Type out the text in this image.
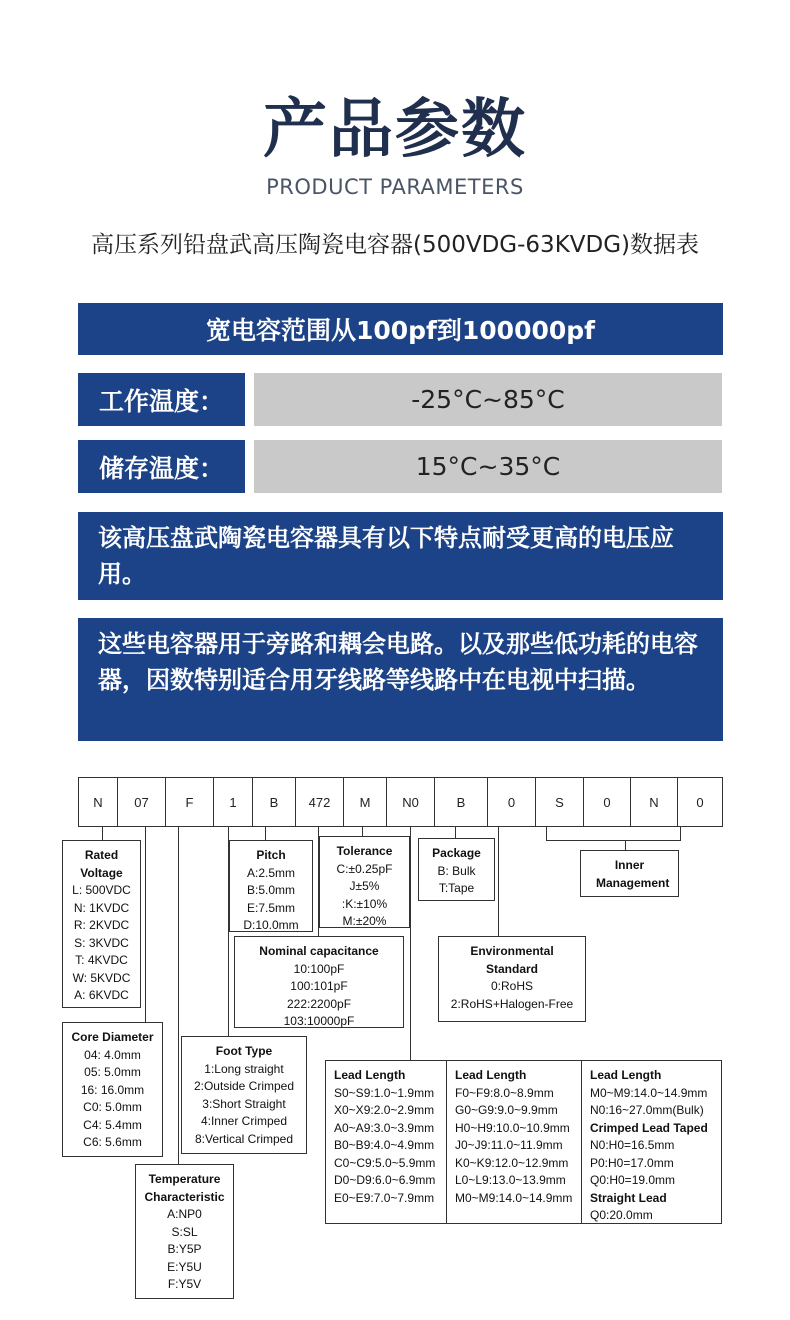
产品参数
PRODUCT PARAMETERS
高压系列铅盘武高压陶瓷电容器(500VDG-63KVDG)数据表
宽电容范围从100pf到100000pf
工作温度：	-25°C~85°C
储存温度：	15°C~35°C
该高压盘武陶瓷电容器具有以下特点耐受更高的电压应用。
这些电容器用于旁路和耦会电路。以及那些低功耗的电容器，因数特别适合用牙线路等线路中在电视中扫描。
N	07	F	1	B	472	M	N0	B	0	S	0	N	0
Rated Voltage
L: 500VDC
N: 1KVDC
R: 2KVDC
S: 3KVDC
T: 4KVDC
W: 5KVDC
A: 6KVDC
Core Diameter
04: 4.0mm
05: 5.0mm
16: 16.0mm
C0: 5.0mm
C4: 5.4mm
C6: 5.6mm
Temperature Characteristic
A:NP0
S:SL
B:Y5P
E:Y5U
F:Y5V
Foot Type
1:Long straight
2:Outside Crimped
3:Short Straight
4:Inner Crimped
8:Vertical Crimped
Pitch
A:2.5mm
B:5.0mm
E:7.5mm
D:10.0mm
Tolerance
C:±0.25pF
J±5%
:K:±10%
M:±20%
Nominal capacitance
10:100pF
100:101pF
222:2200pF
103:10000pF
Package
B: Bulk
T:Tape
Environmental Standard
0:RoHS
2:RoHS+Halogen-Free
Inner Management
Lead Length
S0~S9:1.0~1.9mm
X0~X9:2.0~2.9mm
A0~A9:3.0~3.9mm
B0~B9:4.0~4.9mm
C0~C9:5.0~5.9mm
D0~D9:6.0~6.9mm
E0~E9:7.0~7.9mm
Lead Length
F0~F9:8.0~8.9mm
G0~G9:9.0~9.9mm
H0~H9:10.0~10.9mm
J0~J9:11.0~11.9mm
K0~K9:12.0~12.9mm
L0~L9:13.0~13.9mm
M0~M9:14.0~14.9mm
Lead Length
M0~M9:14.0~14.9mm
N0:16~27.0mm(Bulk)
Crimped Lead Taped
N0:H0=16.5mm
P0:H0=17.0mm
Q0:H0=19.0mm
Straight Lead
Q0:20.0mm
